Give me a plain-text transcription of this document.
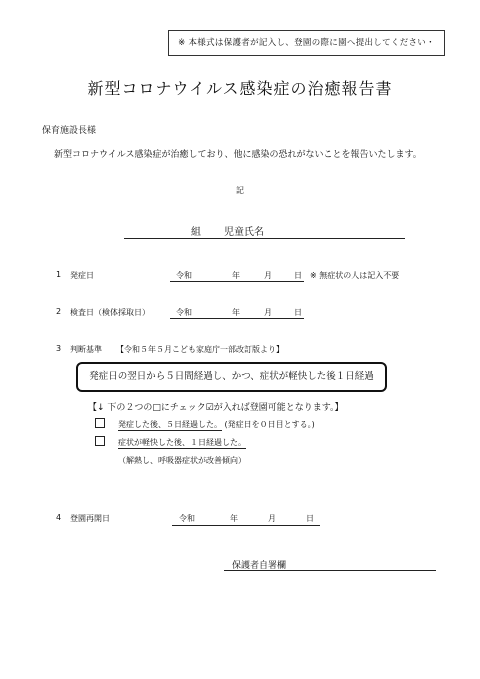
※ 本様式は保護者が記入し、登園の際に園へ提出してください・
新型コロナウイルス感染症の治癒報告書
保育施設長様
新型コロナウイルス感染症が治癒しており、他に感染の恐れがないことを報告いたします。
記
組 児童氏名
1 発症日	令和	年	月	日 ※ 無症状の人は記入不要
2 検査日（検体採取日）	令和	年	月	日
3 判断基準 【令和５年５月こども家庭庁一部改訂版より】
発症日の翌日から５日間経過し、かつ、症状が軽快した後１日経過
【↓ 下の２つの□にチェック☑が入れば登園可能となります。】
発症した後、５日経過した。 (発症日を０日目とする。)
症状が軽快した後、１日経過した。
（解熱し、呼吸器症状が改善傾向）
4 登園再開日	令和	年	月	日
保護者自署欄
